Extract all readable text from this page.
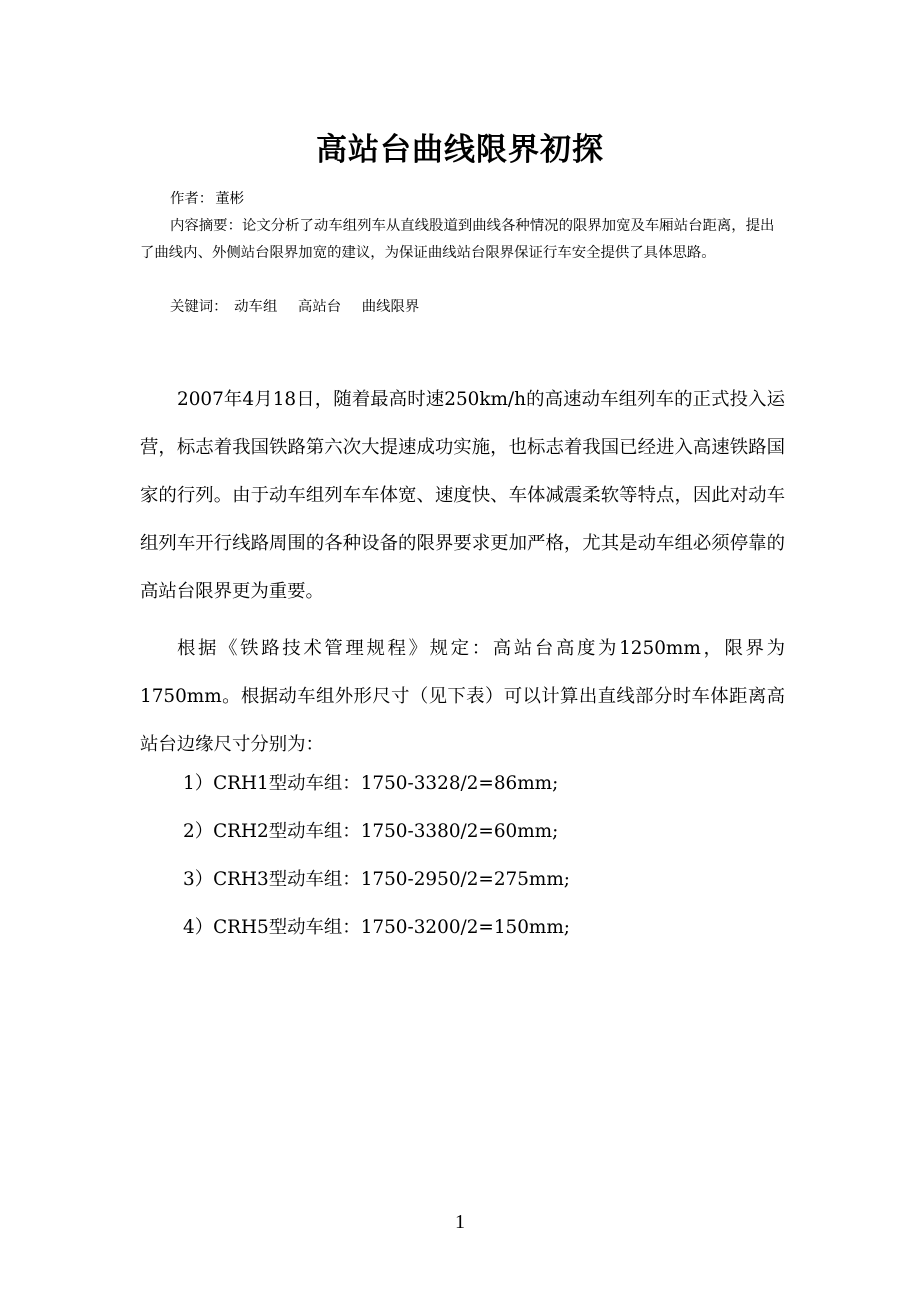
高站台曲线限界初探
作者： 董彬
内容摘要：论文分析了动车组列车从直线股道到曲线各种情况的限界加宽及车厢站台距离，提出了曲线内、外侧站台限界加宽的建议，为保证曲线站台限界保证行车安全提供了具体思路。
关键词： 动车组 高站台 曲线限界

2007年4月18日，随着最高时速250km/h的高速动车组列车的正式投入运营，标志着我国铁路第六次大提速成功实施，也标志着我国已经进入高速铁路国家的行列。由于动车组列车车体宽、速度快、车体减震柔软等特点，因此对动车组列车开行线路周围的各种设备的限界要求更加严格，尤其是动车组必须停靠的高站台限界更为重要。

根据《铁路技术管理规程》规定：高站台高度为1250mm，限界为1750mm。根据动车组外形尺寸（见下表）可以计算出直线部分时车体距离高站台边缘尺寸分别为：

1）CRH1型动车组：1750-3328/2=86mm;
2）CRH2型动车组：1750-3380/2=60mm;
3）CRH3型动车组：1750-2950/2=275mm;
4）CRH5型动车组：1750-3200/2=150mm;
1
